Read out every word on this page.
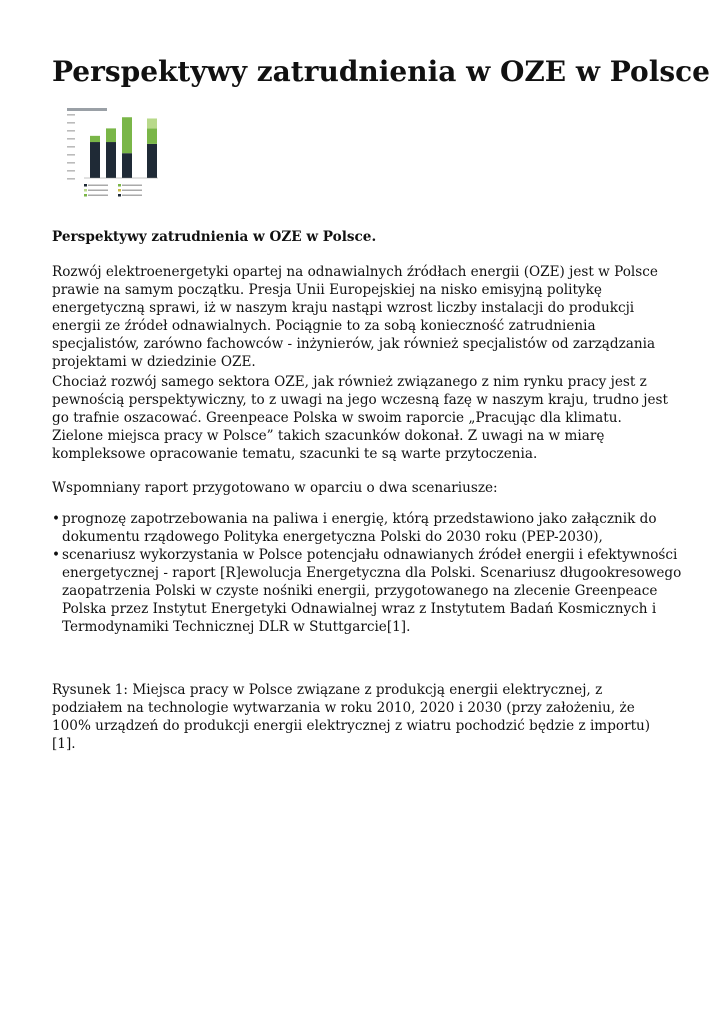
Perspektywy zatrudnienia w OZE w Polsce
Perspektywy zatrudnienia w OZE w Polsce.
Rozwój elektroenergetyki opartej na odnawialnych źródłach energii (OZE) jest w Polsce prawie na samym początku. Presja Unii Europejskiej na nisko emisyjną politykę energetyczną sprawi, iż w naszym kraju nastąpi wzrost liczby instalacji do produkcji energii ze źródeł odnawialnych. Pociągnie to za sobą konieczność zatrudnienia specjalistów, zarówno fachowców - inżynierów, jak również specjalistów od zarządzania projektami w dziedzinie OZE.
Chociaż rozwój samego sektora OZE, jak również związanego z nim rynku pracy jest z pewnością perspektywiczny, to z uwagi na jego wczesną fazę w naszym kraju, trudno jest go trafnie oszacować. Greenpeace Polska w swoim raporcie „Pracując dla klimatu. Zielone miejsca pracy w Polsce” takich szacunków dokonał. Z uwagi na w miarę kompleksowe opracowanie tematu, szacunki te są warte przytoczenia.
Wspomniany raport przygotowano w oparciu o dwa scenariusze:
• prognozę zapotrzebowania na paliwa i energię, którą przedstawiono jako załącznik do dokumentu rządowego Polityka energetyczna Polski do 2030 roku (PEP-2030),
• scenariusz wykorzystania w Polsce potencjału odnawianych źródeł energii i efektywności energetycznej - raport [R]ewolucja Energetyczna dla Polski. Scenariusz długookresowego zaopatrzenia Polski w czyste nośniki energii, przygotowanego na zlecenie Greenpeace Polska przez Instytut Energetyki Odnawialnej wraz z Instytutem Badań Kosmicznych i Termodynamiki Technicznej DLR w Stuttgarcie[1].
Rysunek 1: Miejsca pracy w Polsce związane z produkcją energii elektrycznej, z podziałem na technologie wytwarzania w roku 2010, 2020 i 2030 (przy założeniu, że 100% urządzeń do produkcji energii elektrycznej z wiatru pochodzić będzie z importu) [1].
